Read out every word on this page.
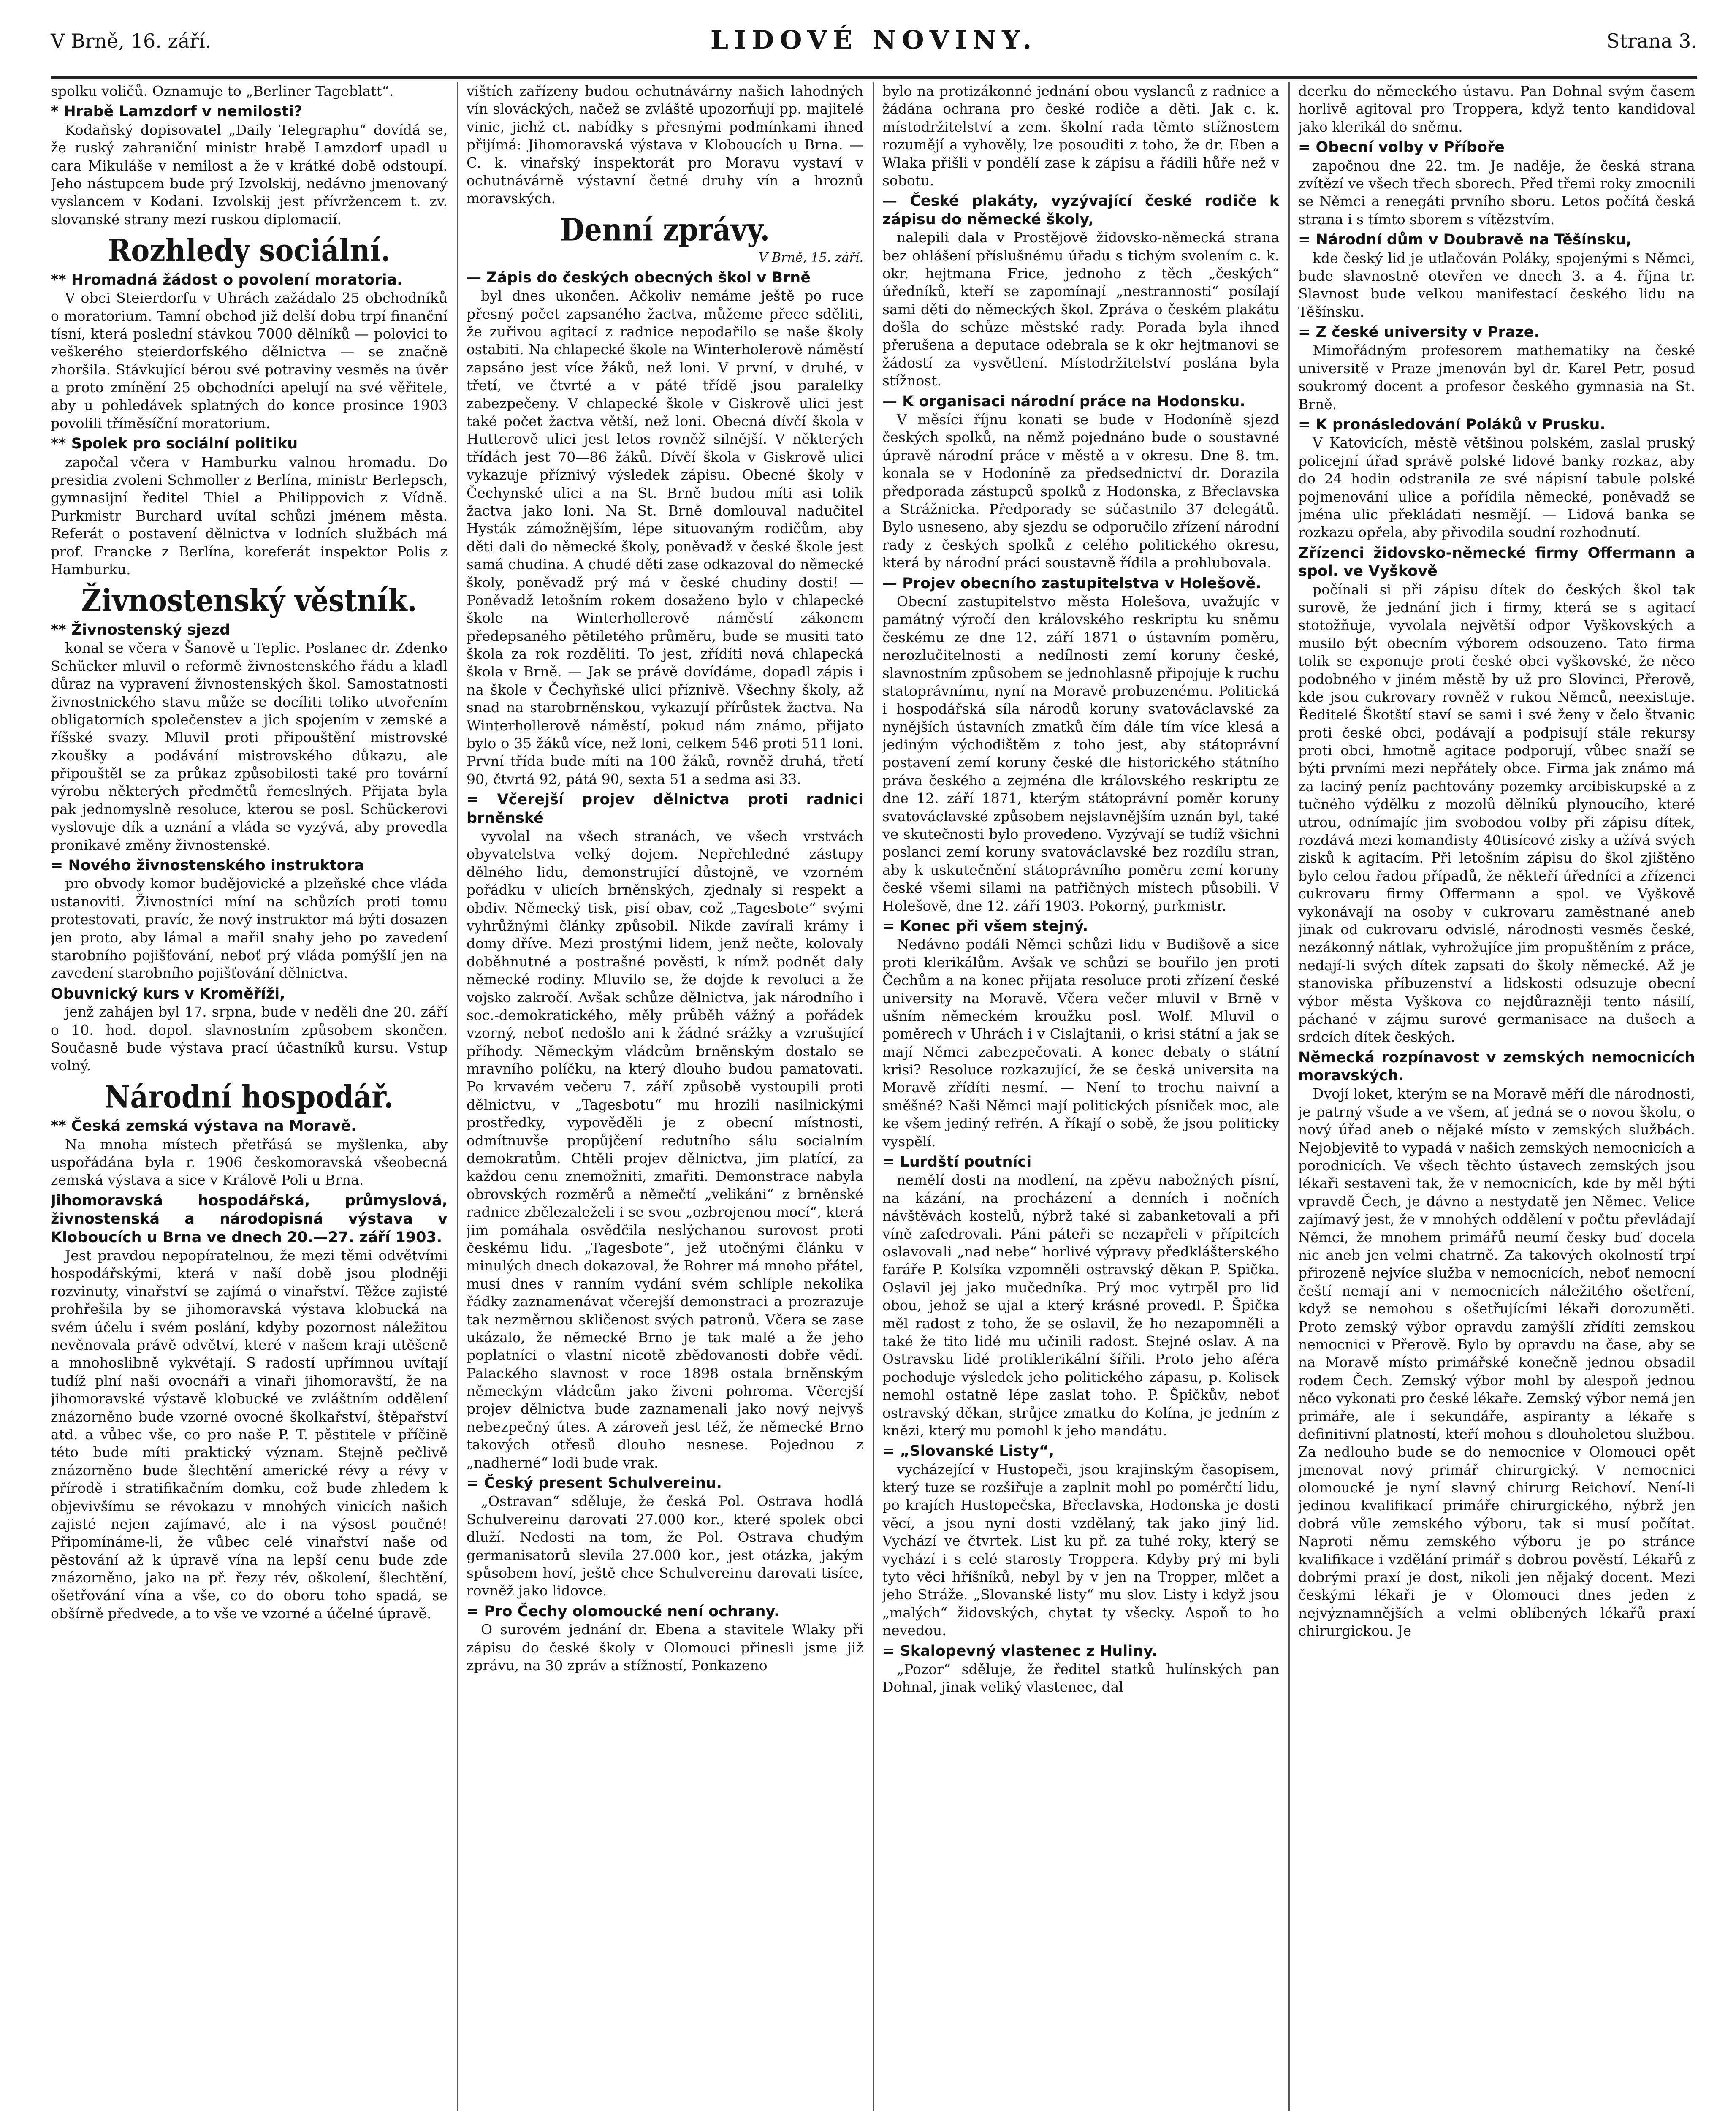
V Brně, 16. září.	LIDOVÉ NOVINY.	Strana 3.

spolku voličů. Oznamuje to „Berliner Tageblatt“.

* Hrabě Lamzdorf v nemilosti?

Kodaňský dopisovatel „Daily Telegraphu“ dovídá se, že ruský zahraniční ministr hrabě Lamzdorf upadl u cara Mikuláše v nemilost a že v krátké době odstoupí. Jeho nástupcem bude prý Izvolskij, nedávno jmenovaný vyslancem v Kodani. Izvolskij jest přívržencem t. zv. slovanské strany mezi ruskou diplomacií.

Rozhledy sociální.
** Hromadná žádost o povolení moratoria.

V obci Steierdorfu v Uhrách zažádalo 25 obchodníků o moratorium. Tamní obchod již delší dobu trpí finanční tísní, která poslední stávkou 7000 dělníků — polovici to veškerého steierdorfského dělnictva — se značně zhoršila. Stávkující bérou své potraviny vesměs na úvěr a proto zmínění 25 obchodníci apelují na své věřitele, aby u pohledávek splatných do konce prosince 1903 povolili tříměsíční moratorium.

** Spolek pro sociální politiku

započal včera v Hamburku valnou hromadu. Do presidia zvoleni Schmoller z Berlína, ministr Berlepsch, gymnasijní ředitel Thiel a Philippovich z Vídně. Purkmistr Burchard uvítal schůzi jménem města. Referát o postavení dělnictva v lodních službách má prof. Francke z Berlína, koreferát inspektor Polis z Hamburku.

Živnostenský věstník.
** Živnostenský sjezd

konal se včera v Šanově u Teplic. Poslanec dr. Zdenko Schücker mluvil o reformě živnostenského řádu a kladl důraz na vypravení živnostenských škol. Samostatnosti živnostnického stavu může se docíliti toliko utvořením obligatorních společenstev a jich spojením v zemské a říšské svazy. Mluvil proti připouštění mistrovské zkoušky a podávání mistrovského důkazu, ale připouštěl se za průkaz způsobilosti také pro tovární výrobu některých předmětů řemeslných. Přijata byla pak jednomyslně resoluce, kterou se posl. Schückerovi vyslovuje dík a uznání a vláda se vyzývá, aby provedla pronikavé změny živnostenské.

= Nového živnostenského instruktora

pro obvody komor budějovické a plzeňské chce vláda ustanoviti. Živnostníci míní na schůzích proti tomu protestovati, pravíc, že nový instruktor má býti dosazen jen proto, aby lámal a mařil snahy jeho po zavedení starobního pojišťování, neboť prý vláda pomýšlí jen na zavedení starobního pojišťování dělnictva.

Obuvnický kurs v Kroměříži,

jenž zahájen byl 17. srpna, bude v neděli dne 20. září o 10. hod. dopol. slavnostním způsobem skončen. Současně bude výstava prací účastníků kursu. Vstup volný.

Národní hospodář.
** Česká zemská výstava na Moravě.

Na mnoha místech přetřásá se myšlenka, aby uspořádána byla r. 1906 českomoravská všeobecná zemská výstava a sice v Králově Poli u Brna.

Jihomoravská hospodářská, průmyslová, živnostenská a národopisná výstava v Kloboucích u Brna ve dnech 20.—27. září 1903.

Jest pravdou nepopíratelnou, že mezi těmi odvětvími hospodářskými, která v naší době jsou plodněji rozvinuty, vinařství se zajímá o vinařství. Těžce zajisté prohřešila by se jihomoravská výstava klobucká na svém účelu i svém poslání, kdyby pozornost náležitou nevěnovala právě odvětví, které v našem kraji utěšeně a mnohoslibně vykvétají. S radostí upřímnou uvítají tudíž plní naši ovocnáři a vinaři jihomoravští, že na jihomoravské výstavě klobucké ve zvláštním oddělení znázorněno bude vzorné ovocné školkařství, štěpařství atd. a vůbec vše, co pro naše P. T. pěstitele v příčině této bude míti praktický význam. Stejně pečlivě znázorněno bude šlechtění americké révy a révy v přírodě i stratifikačním domku, což bude zhledem k objevivšímu se révokazu v mnohých vinicích našich zajisté nejen zajímavé, ale i na výsost poučné! Připomínáme-li, že vůbec celé vinařství naše od pěstování až k úpravě vína na lepší cenu bude zde znázorněno, jako na př. řezy rév, oškolení, šlechtění, ošetřování vína a vše, co do oboru toho spadá, se obšírně předvede, a to vše ve vzorné a účelné úpravě.

vištích zařízeny budou ochutnávárny našich lahodných vín slováckých, načež se zvláště upozorňují pp. majitelé vinic, jichž ct. nabídky s přesnými podmínkami ihned přijímá: Jihomoravská výstava v Kloboucích u Brna. — C. k. vinařský inspektorát pro Moravu vystaví v ochutnávárně výstavní četné druhy vín a hroznů moravských.

Denní zprávy.

V Brně, 15. září.

— Zápis do českých obecných škol v Brně

byl dnes ukončen. Ačkoliv nemáme ještě po ruce přesný počet zapsaného žactva, můžeme přece sděliti, že zuřivou agitací z radnice nepodařilo se naše školy ostabiti. Na chlapecké škole na Winterholerově náměstí zapsáno jest více žáků, než loni. V první, v druhé, v třetí, ve čtvrté a v páté třídě jsou paralelky zabezpečeny. V chlapecké škole v Giskrově ulici jest také počet žactva větší, než loni. Obecná dívčí škola v Hutterově ulici jest letos rovněž silnější. V některých třídách jest 70—86 žáků. Dívčí škola v Giskrově ulici vykazuje příznivý výsledek zápisu. Obecné školy v Čechynské ulici a na St. Brně budou míti asi tolik žactva jako loni. Na St. Brně domlouval nadučitel Hysták zámožnějším, lépe situovaným rodičům, aby děti dali do německé školy, poněvadž v české škole jest samá chudina. A chudé děti zase odkazoval do německé školy, poněvadž prý má v české chudiny dosti! — Poněvadž letošním rokem dosaženo bylo v chlapecké škole na Winterhollerově náměstí zákonem předepsaného pětiletého průměru, bude se musiti tato škola za rok rozděliti. To jest, zřídíti nová chlapecká škola v Brně. — Jak se právě dovídáme, dopadl zápis i na škole v Čechyňské ulici příznivě. Všechny školy, až snad na starobrněnskou, vykazují přírůstek žactva. Na Winterhollerově náměstí, pokud nám známo, přijato bylo o 35 žáků více, než loni, celkem 546 proti 511 loni. První třída bude míti na 100 žáků, rovněž druhá, třetí 90, čtvrtá 92, pátá 90, sexta 51 a sedma asi 33.

= Včerejší projev dělnictva proti radnici brněnské

vyvolal na všech stranách, ve všech vrstvách obyvatelstva velký dojem. Nepřehledné zástupy dělného lidu, demonstrující důstojně, ve vzorném pořádku v ulicích brněnských, zjednaly si respekt a obdiv. Německý tisk, pisí obav, což „Tagesbote“ svými vyhrůžnými články způsobil. Nikde zavírali krámy i domy dříve. Mezi prostými lidem, jenž nečte, kolovaly doběhnutné a postrašné pověsti, k nímž podnět daly německé rodiny. Mluvilo se, že dojde k revoluci a že vojsko zakročí. Avšak schůze dělnictva, jak národního i soc.-demokratického, měly průběh vážný a pořádek vzorný, neboť nedošlo ani k žádné srážky a vzrušující příhody. Německým vládcům brněnským dostalo se mravního políčku, na který dlouho budou pamatovati. Po krvavém večeru 7. září způsobě vystoupili proti dělnictvu, v „Tagesbotu“ mu hrozili nasilnickými prostředky, vypověděli je z obecní místnosti, odmítnuvše propůjčení redutního sálu socialním demokratům. Chtěli projev dělnictva, jim platící, za každou cenu znemožniti, zmařiti. Demonstrace nabyla obrovských rozměrů a němečtí „velikáni“ z brněnské radnice zbělezaleželi i se svou „ozbrojenou mocí“, která jim pomáhala osvědčila neslýchanou surovost proti českému lidu. „Tagesbote“, jež utočnými článku v minulých dnech dokazoval, že Rohrer má mnoho přátel, musí dnes v ranním vydání svém schlíple nekolika řádky zaznamenávat včerejší demonstraci a prozrazuje tak nezměrnou skličenost svých patronů. Včera se zase ukázalo, že německé Brno je tak malé a že jeho poplatníci o vlastní nicotě zbědovanosti dobře vědí. Palackého slavnost v roce 1898 ostala brněnským německým vládcům jako živeni pohroma. Včerejší projev dělnictva bude zaznamenali jako nový nejvyš nebezpečný útes. A zároveň jest též, že německé Brno takových otřesů dlouho nesnese. Pojednou z „nadherné“ lodi bude vrak.

= Český present Schulvereinu.

„Ostravan“ sděluje, že česká Pol. Ostrava hodlá Schulvereinu darovati 27.000 kor., které spolek obci dluží. Nedosti na tom, že Pol. Ostrava chudým germanisatorů slevila 27.000 kor., jest otázka, jakým spůsobem hoví, ještě chce Schulvereinu darovati tisíce, rovněž jako lidovce.

= Pro Čechy olomoucké není ochrany.

O surovém jednání dr. Ebena a stavitele Wlaky při zápisu do české školy v Olomouci přinesli jsme již zprávu, na 30 zpráv a stížností, Ponkazeno

bylo na protizákonné jednání obou vyslanců z radnice a žádána ochrana pro české rodiče a děti. Jak c. k. místodržitelství a zem. školní rada těmto stížnostem rozumějí a vyhověly, lze posouditi z toho, že dr. Eben a Wlaka přišli v pondělí zase k zápisu a řádili hůře než v sobotu.

— České plakáty, vyzývající české rodiče k zápisu do německé školy,

nalepili dala v Prostějově židovsko-německá strana bez ohlášení příslušnému úřadu s tichým svolením c. k. okr. hejtmana Frice, jednoho z těch „českých“ úředníků, kteří se zapomínají „nestrannosti“ posílají sami děti do německých škol. Zpráva o českém plakátu došla do schůze městské rady. Porada byla ihned přerušena a deputace odebrala se k okr hejtmanovi se žádostí za vysvětlení. Místodržitelství poslána byla stížnost.

— K organisaci národní práce na Hodonsku.

V měsíci říjnu konati se bude v Hodoníně sjezd českých spolků, na němž pojednáno bude o soustavné úpravě národní práce v městě a v okresu. Dne 8. tm. konala se v Hodoníně za předsednictví dr. Dorazila předporada zástupců spolků z Hodonska, z Břeclavska a Strážnicka. Předporady se súčastnilo 37 delegátů. Bylo usneseno, aby sjezdu se odporučilo zřízení národní rady z českých spolků z celého politického okresu, která by národní práci soustavně řídila a prohlubovala.

— Projev obecního zastupitelstva v Holešově.

Obecní zastupitelstvo města Holešova, uvažujíc v památný výročí den královského reskriptu ku sněmu českému ze dne 12. září 1871 o ústavním poměru, nerozlučitelnosti a nedílnosti zemí koruny české, slavnostním způsobem se jednohlasně připojuje k ruchu statoprávnímu, nyní na Moravě probuzenému. Politická i hospodářská síla národů koruny svatováclavské za nynějších ústavních zmatků čím dále tím více klesá a jediným východištěm z toho jest, aby státoprávní postavení zemí koruny české dle historického státního práva českého a zejména dle královského reskriptu ze dne 12. září 1871, kterým státoprávní poměr koruny svatováclavské způsobem nejslavnějším uznán byl, také ve skutečnosti bylo provedeno. Vyzývají se tudíž všichni poslanci zemí koruny svatováclavské bez rozdílu stran, aby k uskutečnění státoprávního poměru zemí koruny české všemi silami na patřičných místech působili. V Holešově, dne 12. září 1903. Pokorný, purkmistr.

= Konec při všem stejný.

Nedávno podáli Němci schůzi lidu v Budišově a sice proti klerikálům. Avšak ve schůzi se bouřilo jen proti Čechům a na konec přijata resoluce proti zřízení české university na Moravě. Včera večer mluvil v Brně v ušním německém kroužku posl. Wolf. Mluvil o poměrech v Uhrách i v Cislajtanii, o krisi státní a jak se mají Němci zabezpečovati. A konec debaty o státní krisi? Resoluce rozkazující, že se česká universita na Moravě zřídíti nesmí. — Není to trochu naivní a směšné? Naši Němci mají politických písniček moc, ale ke všem jediný refrén. A říkají o sobě, že jsou politicky vyspělí.

= Lurdští poutníci

nemělí dosti na modlení, na zpěvu nabožných písní, na kázání, na procházení a denních i nočních návštěvách kostelů, nýbrž také si zabanketovali a při víně zafedrovali. Páni páteři se nezapřeli v přípitcích oslavovali „nad nebe“ horlivé výpravy předklášterského faráře P. Kolsíka vzpomněli ostravský děkan P. Spička. Oslavil jej jako mučedníka. Prý moc vytrpěl pro lid obou, jehož se ujal a který krásné provedl. P. Špička měl radost z toho, že se oslavil, že ho nezapomněli a také že tito lidé mu učinili radost. Stejné oslav. A na Ostravsku lidé protiklerikální šířili. Proto jeho aféra pochoduje výsledek jeho politického zápasu, p. Kolisek nemohl ostatně lépe zaslat toho. P. Špičkův, neboť ostravský děkan, strůjce zmatku do Kolína, je jedním z knězi, který mu pomohl k jeho mandátu.

= „Slovanské Listy“,

vycházející v Hustopeči, jsou krajinským časopisem, který tuze se rozšiřuje a zaplnit mohl po pomérčtí lidu, po krajích Hustopečska, Břeclavska, Hodonska je dosti věcí, a jsou nyní dosti vzdělaný, tak jako jiný lid. Vychází ve čtvrtek. List ku př. za tuhé roky, který se vychází i s celé starosty Troppera. Kdyby prý mi byli tyto věci hříšníků, nebyl by v jen na Tropper, mlčet a jeho Stráže. „Slovanské listy“ mu slov. Listy i když jsou „malých“ židovských, chytat ty všecky. Aspoň to ho nevedou.

= Skalopevný vlastenec z Huliny.

„Pozor“ sděluje, že ředitel statků hulínských pan Dohnal, jinak veliký vlastenec, dal

dcerku do německého ústavu. Pan Dohnal svým časem horlivě agitoval pro Troppera, když tento kandidoval jako klerikál do sněmu.

= Obecní volby v Příboře

započnou dne 22. tm. Je naděje, že česká strana zvítězí ve všech třech sborech. Před třemi roky zmocnili se Němci a renegáti prvního sboru. Letos počítá česká strana i s tímto sborem s vítězstvím.

= Národní dům v Doubravě na Těšínsku,

kde český lid je utlačován Poláky, spojenými s Němci, bude slavnostně otevřen ve dnech 3. a 4. října tr. Slavnost bude velkou manifestací českého lidu na Těšínsku.

= Z české university v Praze.

Mimořádným profesorem mathematiky na české universitě v Praze jmenován byl dr. Karel Petr, posud soukromý docent a profesor českého gymnasia na St. Brně.

= K pronásledování Poláků v Prusku.

V Katovicích, městě většinou polském, zaslal pruský policejní úřad správě polské lidové banky rozkaz, aby do 24 hodin odstranila ze své nápisní tabule polské pojmenování ulice a pořídila německé, poněvadž se jména ulic překládati nesmějí. — Lidová banka se rozkazu opřela, aby přivodila soudní rozhodnutí.

Zřízenci židovsko-německé firmy Offermann a spol. ve Vyškově

počínali si při zápisu dítek do českých škol tak surově, že jednání jich i firmy, která se s agitací stotožňuje, vyvolala největší odpor Vyškovských a musilo být obecním výborem odsouzeno. Tato firma tolik se exponuje proti české obci vyškovské, že něco podobného v jiném městě by už pro Slovinci, Přerově, kde jsou cukrovary rovněž v rukou Němců, neexistuje. Ředitelé Škotští staví se sami i své ženy v čelo štvanic proti české obci, podávají a podpisují stále rekursy proti obci, hmotně agitace podporují, vůbec snaží se býti prvními mezi nepřátely obce. Firma jak známo má za laciný peníz pachtovány pozemky arcibiskupské a z tučného výdělku z mozolů dělníků plynoucího, které utrou, odnímajíc jim svobodou volby při zápisu dítek, rozdává mezi komandisty 40tisícové zisky a užívá svých zisků k agitacím. Při letošním zápisu do škol zjištěno bylo celou řadou případů, že někteří úředníci a zřízenci cukrovaru firmy Offermann a spol. ve Vyškově vykonávají na osoby v cukrovaru zaměstnané aneb jinak od cukrovaru odvislé, národnosti vesměs české, nezákonný nátlak, vyhrožujíce jim propuštěním z práce, nedají-li svých dítek zapsati do školy německé. Až je stanoviska příbuzenství a lidskosti odsuzuje obecní výbor města Vyškova co nejdůrazněji tento násilí, páchané v zájmu surové germanisace na dušech a srdcích dítek českých.

Německá rozpínavost v zemských nemocnicích moravských.

Dvojí loket, kterým se na Moravě měří dle národnosti, je patrný všude a ve všem, ať jedná se o novou školu, o nový úřad aneb o nějaké místo v zemských službách. Nejobjevitě to vypadá v našich zemských nemocnicích a porodnicích. Ve všech těchto ústavech zemských jsou lékaři sestaveni tak, že v nemocnicích, kde by měl býti vpravdě Čech, je dávno a nestydatě jen Němec. Velice zajímavý jest, že v mnohých oddělení v počtu převládají Němci, že mnohem primářů neumí česky buď docela nic aneb jen velmi chatrně. Za takových okolností trpí přirozeně nejvíce služba v nemocnicích, neboť nemocní čeští nemají ani v nemocnicích náležitého ošetření, když se nemohou s ošetřujícími lékaři dorozuměti. Proto zemský výbor opravdu zamýšlí zřídíti zemskou nemocnici v Přerově. Bylo by opravdu na čase, aby se na Moravě místo primářské konečně jednou obsadil rodem Čech. Zemský výbor mohl by alespoň jednou něco vykonati pro české lékaře. Zemský výbor nemá jen primáře, ale i sekundáře, aspiranty a lékaře s definitivní platností, kteří mohou s dlouholetou službou. Za nedlouho bude se do nemocnice v Olomouci opět jmenovat nový primář chirurgický. V nemocnici olomoucké je nyní slavný chirurg Reichoví. Není-li jedinou kvalifikací primáře chirurgického, nýbrž jen dobrá vůle zemského výboru, tak si musí počítat. Naproti němu zemského výboru je po stránce kvalifikace i vzdělání primář s dobrou pověstí. Lékařů z dobrými praxí je dost, nikoli jen nějaký docent. Mezi českými lékaři je v Olomouci dnes jeden z nejvýznamnějších a velmi oblíbených lékařů praxí chirurgickou. Je
